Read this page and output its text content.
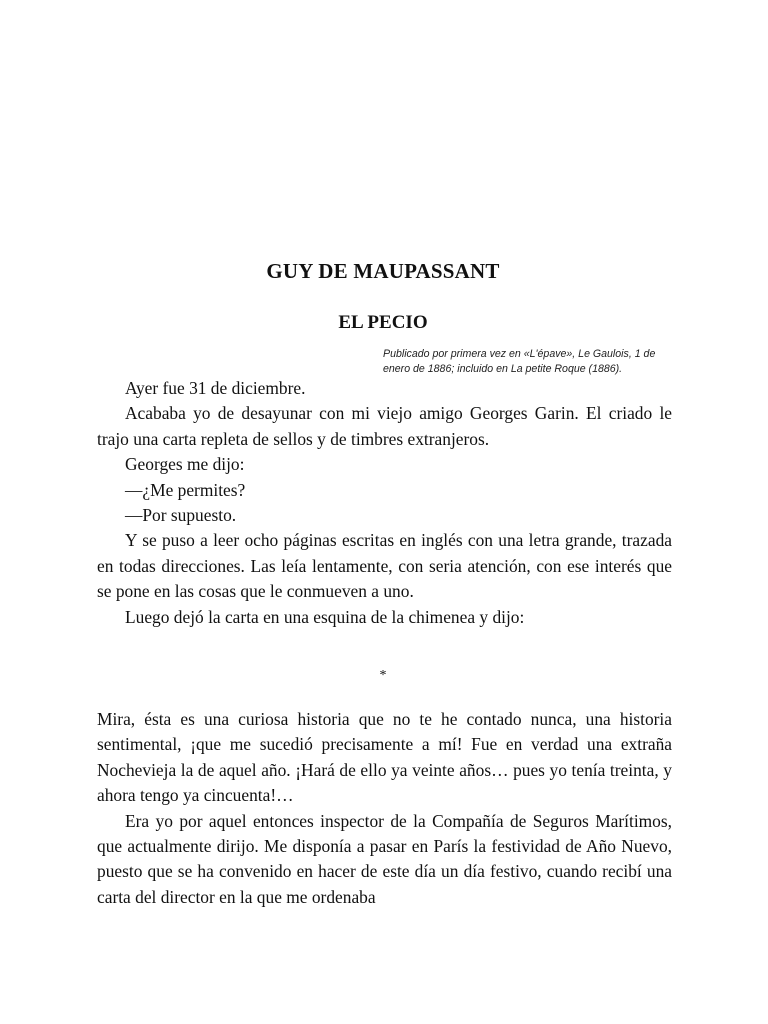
GUY DE MAUPASSANT
EL PECIO
Publicado por primera vez en «L'épave», Le Gaulois, 1 de enero de 1886; incluido en La petite Roque (1886).

Ayer fue 31 de diciembre.

Acababa yo de desayunar con mi viejo amigo Georges Garin. El criado le trajo una carta repleta de sellos y de timbres extranjeros.

Georges me dijo:

—¿Me permites?

—Por supuesto.

Y se puso a leer ocho páginas escritas en inglés con una letra grande, trazada en todas direcciones. Las leía lentamente, con seria atención, con ese interés que se pone en las cosas que le conmueven a uno.

Luego dejó la carta en una esquina de la chimenea y dijo:

*

Mira, ésta es una curiosa historia que no te he contado nunca, una historia sentimental, ¡que me sucedió precisamente a mí! Fue en verdad una extraña Nochevieja la de aquel año. ¡Hará de ello ya veinte años… pues yo tenía treinta, y ahora tengo ya cincuenta!…

Era yo por aquel entonces inspector de la Compañía de Seguros Marítimos, que actualmente dirijo. Me disponía a pasar en París la festividad de Año Nuevo, puesto que se ha convenido en hacer de este día un día festivo, cuando recibí una carta del director en la que me ordenaba
